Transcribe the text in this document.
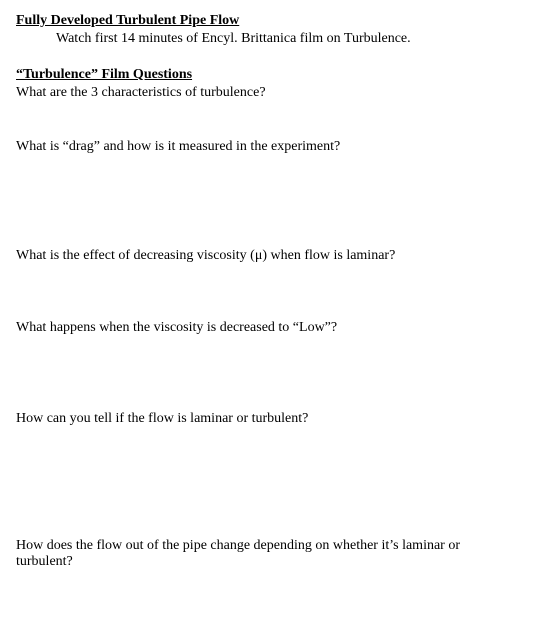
Fully Developed Turbulent Pipe Flow
Watch first 14 minutes of Encyl. Brittanica film on Turbulence.
“Turbulence” Film Questions
What are the 3 characteristics of turbulence?
What is “drag” and how is it measured in the experiment?
What is the effect of decreasing viscosity (μ) when flow is laminar?
What happens when the viscosity is decreased to “Low”?
How can you tell if the flow is laminar or turbulent?
How does the flow out of the pipe change depending on whether it’s laminar or turbulent?
